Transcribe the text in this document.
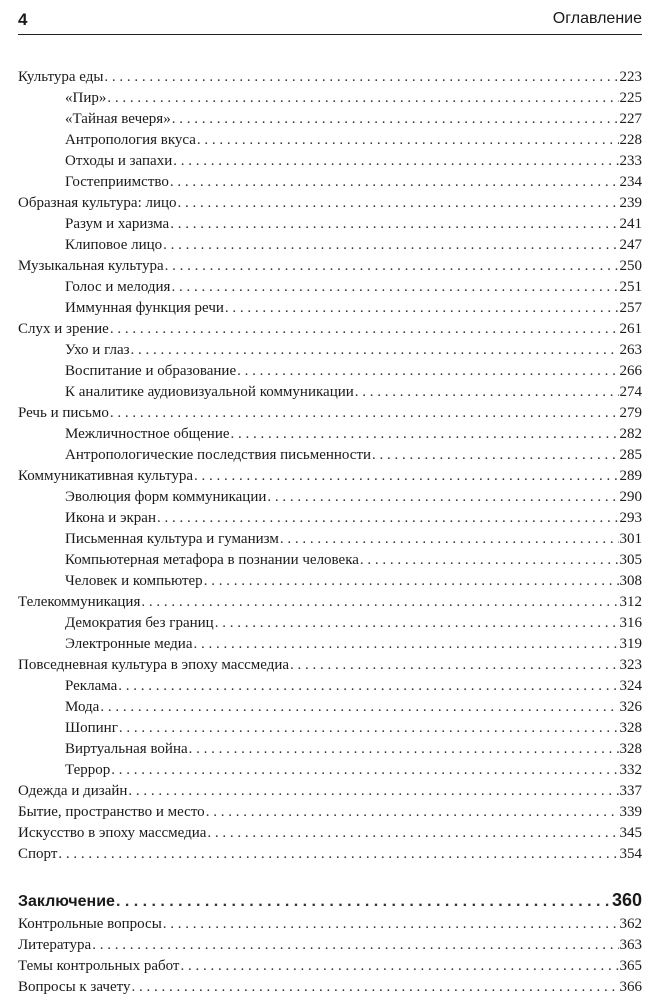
4	Оглавление
Культура еды . . .	223
«Пир» . . .	225
«Тайная вечеря» . . .	227
Антропология вкуса . . .	228
Отходы и запахи . . .	233
Гостеприимство . . .	234
Образная культура: лицо . . .	239
Разум и харизма . . .	241
Клиповое лицо . . .	247
Музыкальная культура . . .	250
Голос и мелодия . . .	251
Иммунная функция речи . . .	257
Слух и зрение . . .	261
Ухо и глаз . . .	263
Воспитание и образование . . .	266
К аналитике аудиовизуальной коммуникации . . .	274
Речь и письмо . . .	279
Межличностное общение . . .	282
Антропологические последствия письменности . . .	285
Коммуникативная культура . . .	289
Эволюция форм коммуникации . . .	290
Икона и экран . . .	293
Письменная культура и гуманизм . . .	301
Компьютерная метафора в познании человека . . .	305
Человек и компьютер . . .	308
Телекоммуникация . . .	312
Демократия без границ . . .	316
Электронные медиа . . .	319
Повседневная культура в эпоху массмедиа . . .	323
Реклама . . .	324
Мода . . .	326
Шопинг . . .	328
Виртуальная война . . .	328
Террор . . .	332
Одежда и дизайн . . .	337
Бытие, пространство и место . . .	339
Искусство в эпоху массмедиа . . .	345
Спорт . . .	354
Заключение . . .	360
Контрольные вопросы . . .	362
Литература . . .	363
Темы контрольных работ . . .	365
Вопросы к зачету . . .	366
